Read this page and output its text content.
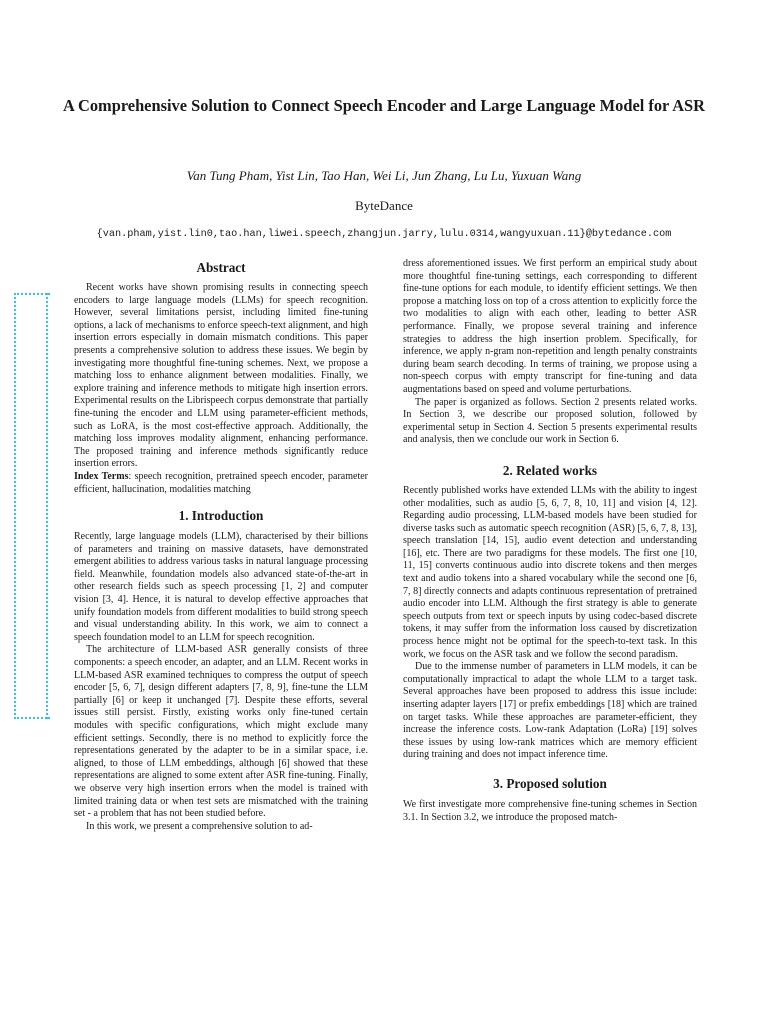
A Comprehensive Solution to Connect Speech Encoder and Large Language Model for ASR

Van Tung Pham, Yist Lin, Tao Han, Wei Li, Jun Zhang, Lu Lu, Yuxuan Wang

ByteDance

{van.pham,yist.lin0,tao.han,liwei.speech,zhangjun.jarry,lulu.0314,wangyuxuan.11}@bytedance.com

Abstract

Recent works have shown promising results in connecting speech encoders to large language models (LLMs) for speech recognition. However, several limitations persist, including limited fine-tuning options, a lack of mechanisms to enforce speech-text alignment, and high insertion errors especially in domain mismatch conditions. This paper presents a comprehensive solution to address these issues. We begin by investigating more thoughtful fine-tuning schemes. Next, we propose a matching loss to enhance alignment between modalities. Finally, we explore training and inference methods to mitigate high insertion errors. Experimental results on the Librispeech corpus demonstrate that partially fine-tuning the encoder and LLM using parameter-efficient methods, such as LoRA, is the most cost-effective approach. Additionally, the matching loss improves modality alignment, enhancing performance. The proposed training and inference methods significantly reduce insertion errors.

Index Terms: speech recognition, pretrained speech encoder, parameter efficient, hallucination, modalities matching

1. Introduction

Recently, large language models (LLM), characterised by their billions of parameters and training on massive datasets, have demonstrated emergent abilities to address various tasks in natural language processing field. Meanwhile, foundation models also advanced state-of-the-art in other research fields such as speech processing [1, 2] and computer vision [3, 4]. Hence, it is natural to develop effective approaches that unify foundation models from different modalities to build strong speech and visual understanding ability. In this work, we aim to connect a speech foundation model to an LLM for speech recognition.

The architecture of LLM-based ASR generally consists of three components: a speech encoder, an adapter, and an LLM. Recent works in LLM-based ASR examined techniques to compress the output of speech encoder [5, 6, 7], design different adapters [7, 8, 9], fine-tune the LLM partially [6] or keep it unchanged [7]. Despite these efforts, several issues still persist. Firstly, existing works only fine-tuned certain modules with specific configurations, which might exclude many efficient settings. Secondly, there is no method to explicitly force the representations generated by the adapter to be in a similar space, i.e. aligned, to those of LLM embeddings, although [6] showed that these representations are aligned to some extent after ASR fine-tuning. Finally, we observe very high insertion errors when the model is trained with limited training data or when test sets are mismatched with the training set - a problem that has not been studied before.

In this work, we present a comprehensive solution to ad-

dress aforementioned issues. We first perform an empirical study about more thoughtful fine-tuning settings, each corresponding to different fine-tune options for each module, to identify efficient settings. We then propose a matching loss on top of a cross attention to explicitly force the two modalities to align with each other, leading to better ASR performance. Finally, we propose several training and inference strategies to address the high insertion problem. Specifically, for inference, we apply n-gram non-repetition and length penalty constraints during beam search decoding. In terms of training, we propose using a non-speech corpus with empty transcript for fine-tuning and data augmentations based on speed and volume perturbations.

The paper is organized as follows. Section 2 presents related works. In Section 3, we describe our proposed solution, followed by experimental setup in Section 4. Section 5 presents experimental results and analysis, then we conclude our work in Section 6.

2. Related works

Recently published works have extended LLMs with the ability to ingest other modalities, such as audio [5, 6, 7, 8, 10, 11] and vision [4, 12]. Regarding audio processing, LLM-based models have been studied for diverse tasks such as automatic speech recognition (ASR) [5, 6, 7, 8, 13], speech translation [14, 15], audio event detection and understanding [16], etc. There are two paradigms for these models. The first one [10, 11, 15] converts continuous audio into discrete tokens and then merges text and audio tokens into a shared vocabulary while the second one [6, 7, 8] directly connects and adapts continuous representation of pretrained audio encoder into LLM. Although the first strategy is able to generate speech outputs from text or speech inputs by using codec-based discrete tokens, it may suffer from the information loss caused by discretization process hence might not be optimal for the speech-to-text task. In this work, we focus on the ASR task and we follow the second paradism.

Due to the immense number of parameters in LLM models, it can be computationally impractical to adapt the whole LLM to a target task. Several approaches have been proposed to address this issue include: inserting adapter layers [17] or prefix embeddings [18] which are trained on target tasks. While these approaches are parameter-efficient, they increase the inference costs. Low-rank Adaptation (LoRa) [19] solves these issues by using low-rank matrices which are memory efficient during training and does not impact inference time.

3. Proposed solution

We first investigate more comprehensive fine-tuning schemes in Section 3.1. In Section 3.2, we introduce the proposed match-
